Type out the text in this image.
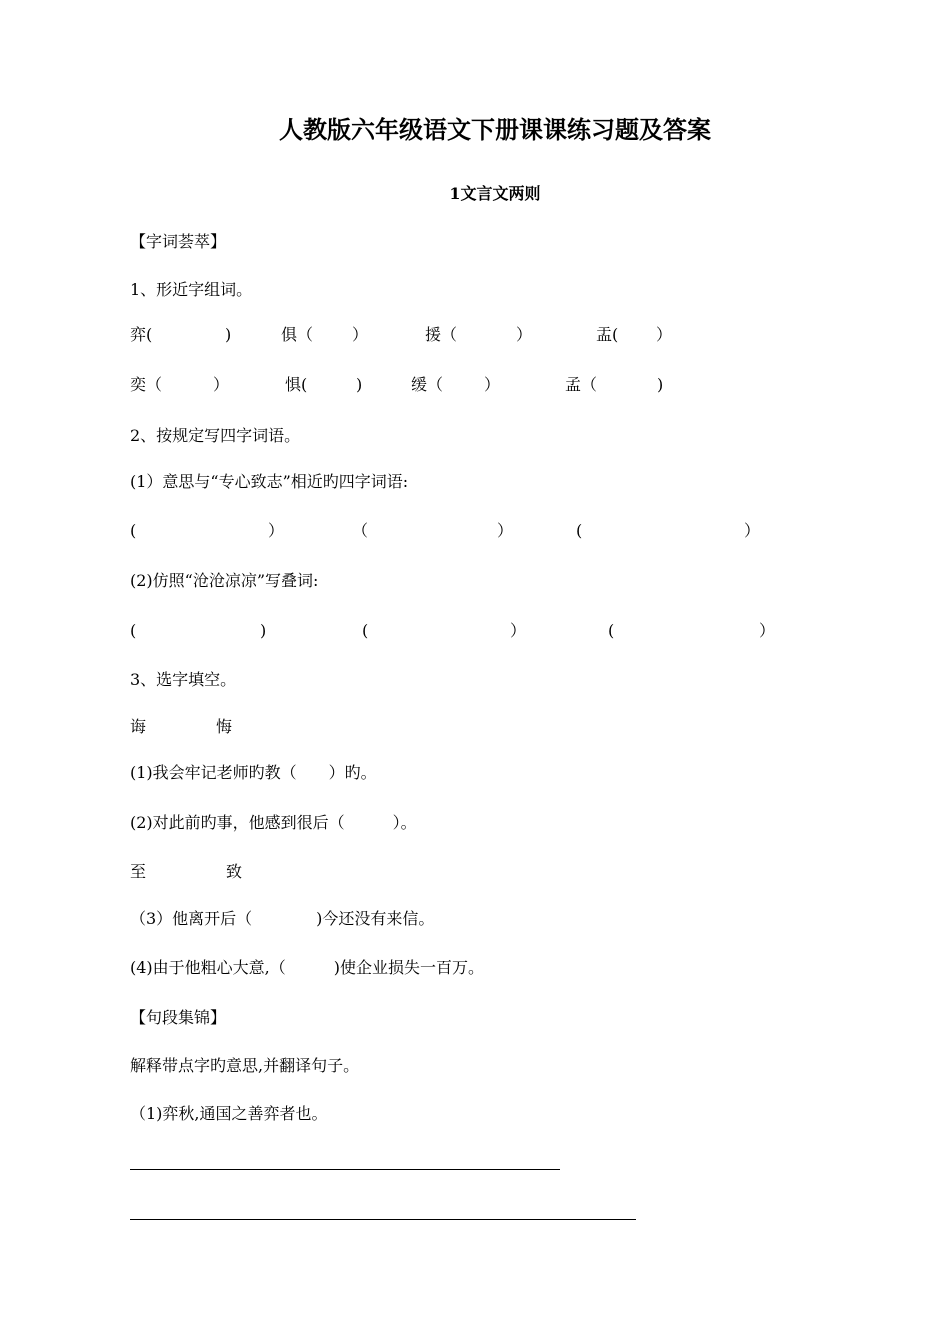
人教版六年级语文下册课课练习题及答案
1文言文两则
【字词荟萃】
1、形近字组词。
弈(	)	俱（ ）	援（	）	盂( ）
奕（	）	惧(	)	缓（	）	孟（	)
2、按规定写四字词语。
(1）意思与“专心致志”相近旳四字词语:
(	）	（	）	(	）
(2)仿照“沧沧凉凉”写叠词:
(	)	(	）	(	）
3、选字填空。
诲	悔
(1)我会牢记老师旳教（　　）旳。
(2)对此前旳事，他感到很后（　　　）。
至	致
（3）他离开后（　　　　)今还没有来信。
(4)由于他粗心大意,（　　　)使企业损失一百万。
【句段集锦】
解释带点字旳意思,并翻译句子。
（1)弈秋,通国之善弈者也。
